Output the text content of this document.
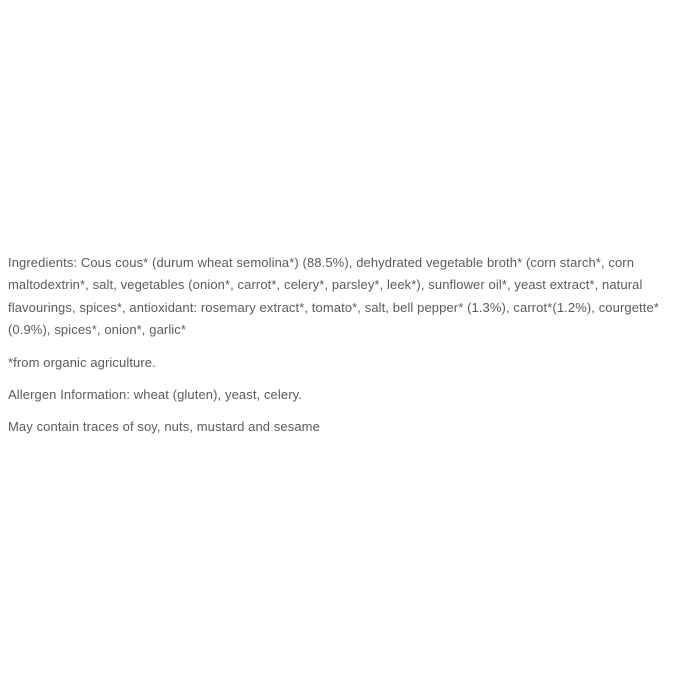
Ingredients: Cous cous* (durum wheat semolina*) (88.5%), dehydrated vegetable broth* (corn starch*, corn
maltodextrin*, salt, vegetables (onion*, carrot*, celery*, parsley*, leek*), sunflower oil*, yeast extract*, natural
flavourings, spices*, antioxidant: rosemary extract*, tomato*, salt, bell pepper* (1.3%), carrot*(1.2%), courgette*
(0.9%), spices*, onion*, garlic*
*from organic agriculture.
Allergen Information: wheat (gluten), yeast, celery.
May contain traces of soy, nuts, mustard and sesame
